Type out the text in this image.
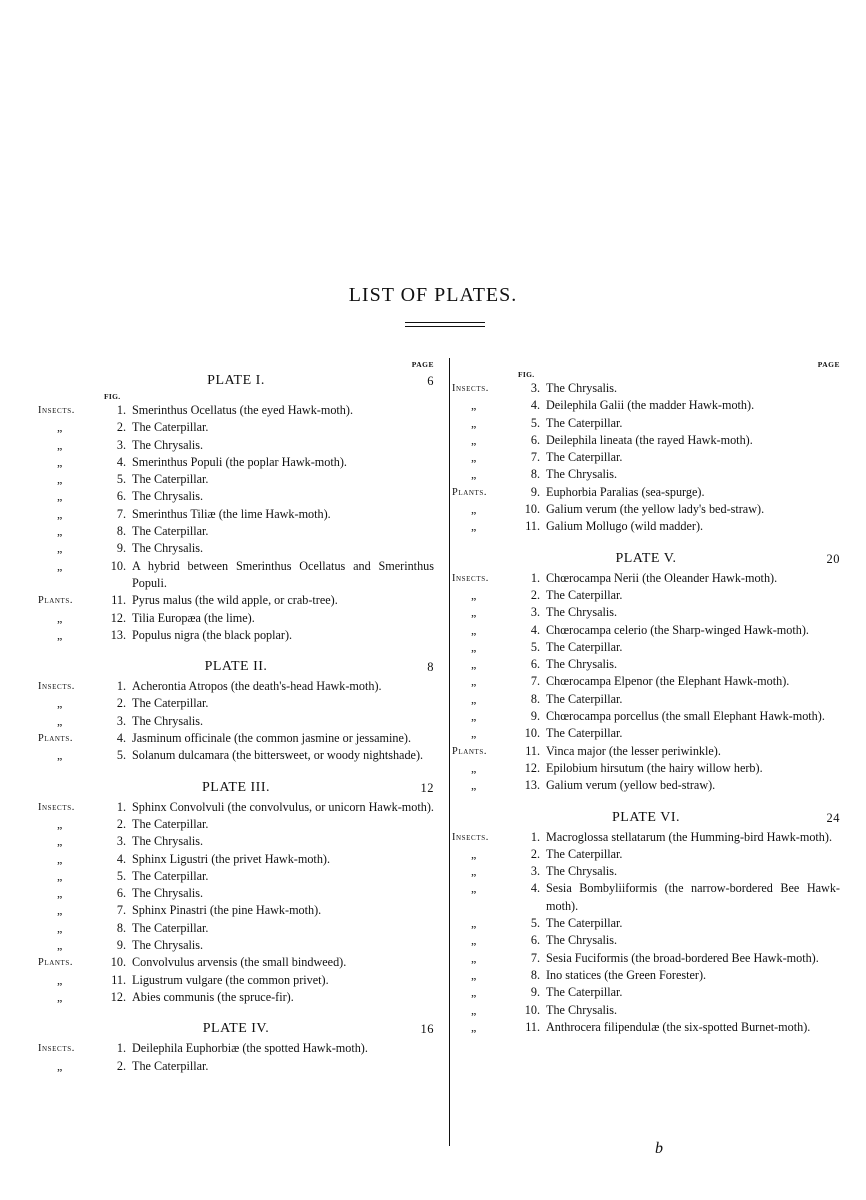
LIST OF PLATES.
PAGE
PLATE I.	6
FIG.
Insects.	1. Smerinthus Ocellatus (the eyed Hawk-moth).
„	2. The Caterpillar.
„	3. The Chrysalis.
„	4. Smerinthus Populi (the poplar Hawk-moth).
„	5. The Caterpillar.
„	6. The Chrysalis.
„	7. Smerinthus Tiliæ (the lime Hawk-moth).
„	8. The Caterpillar.
„	9. The Chrysalis.
„	10. A hybrid between Smerinthus Ocellatus and Smerinthus Populi.
Plants.	11. Pyrus malus (the wild apple, or crab-tree).
„	12. Tilia Europæa (the lime).
„	13. Populus nigra (the black poplar).
PLATE II.	8
Insects.	1. Acherontia Atropos (the death's-head Hawk-moth).
„	2. The Caterpillar.
„	3. The Chrysalis.
Plants.	4. Jasminum officinale (the common jasmine or jessamine).
„	5. Solanum dulcamara (the bittersweet, or woody nightshade).
PLATE III.	12
Insects.	1. Sphinx Convolvuli (the convolvulus, or unicorn Hawk-moth).
„	2. The Caterpillar.
„	3. The Chrysalis.
„	4. Sphinx Ligustri (the privet Hawk-moth).
„	5. The Caterpillar.
„	6. The Chrysalis.
„	7. Sphinx Pinastri (the pine Hawk-moth).
„	8. The Caterpillar.
„	9. The Chrysalis.
Plants.	10. Convolvulus arvensis (the small bindweed).
„	11. Ligustrum vulgare (the common privet).
„	12. Abies communis (the spruce-fir).
PLATE IV.	16
Insects.	1. Deilephila Euphorbiæ (the spotted Hawk-moth).
„	2. The Caterpillar.
PAGE
FIG.
Insects.	3. The Chrysalis.
„	4. Deilephila Galii (the madder Hawk-moth).
„	5. The Caterpillar.
„	6. Deilephila lineata (the rayed Hawk-moth).
„	7. The Caterpillar.
„	8. The Chrysalis.
Plants.	9. Euphorbia Paralias (sea-spurge).
„	10. Galium verum (the yellow lady's bed-straw).
„	11. Galium Mollugo (wild madder).
PLATE V.	20
Insects.	1. Chœrocampa Nerii (the Oleander Hawk-moth).
„	2. The Caterpillar.
„	3. The Chrysalis.
„	4. Chœrocampa celerio (the Sharp-winged Hawk-moth).
„	5. The Caterpillar.
„	6. The Chrysalis.
„	7. Chœrocampa Elpenor (the Elephant Hawk-moth).
„	8. The Caterpillar.
„	9. Chœrocampa porcellus (the small Elephant Hawk-moth).
„	10. The Caterpillar.
Plants.	11. Vinca major (the lesser periwinkle).
„	12. Epilobium hirsutum (the hairy willow herb).
„	13. Galium verum (yellow bed-straw).
PLATE VI.	24
Insects.	1. Macroglossa stellatarum (the Humming-bird Hawk-moth).
„	2. The Caterpillar.
„	3. The Chrysalis.
„	4. Sesia Bombyliiformis (the narrow-bordered Bee Hawk-moth).
„	5. The Caterpillar.
„	6. The Chrysalis.
„	7. Sesia Fuciformis (the broad-bordered Bee Hawk-moth).
„	8. Ino statices (the Green Forester).
„	9. The Caterpillar.
„	10. The Chrysalis.
„	11. Anthrocera filipendulæ (the six-spotted Burnet-moth).
b
